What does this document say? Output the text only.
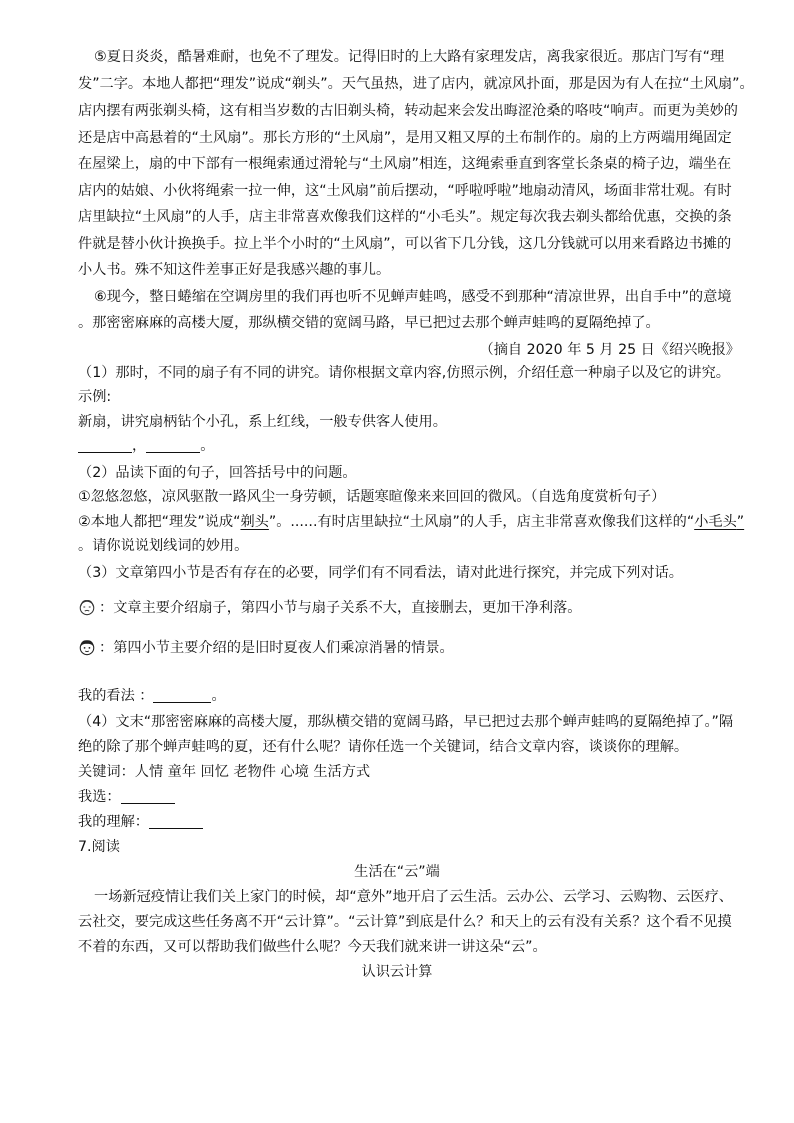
⑤夏日炎炎，酷暑难耐，也免不了理发。记得旧时的上大路有家理发店，离我家很近。那店门写有“理
发”二字。本地人都把“理发”说成“剃头”。天气虽热，进了店内，就凉风扑面，那是因为有人在拉“土风扇”。
店内摆有两张剃头椅，这有相当岁数的古旧剃头椅，转动起来会发出晦涩沧桑的咯吱“响声。而更为美妙的
还是店中高悬着的“土风扇”。那长方形的“土风扇”，是用又粗又厚的土布制作的。扇的上方两端用绳固定
在屋梁上，扇的中下部有一根绳索通过滑轮与“土风扇”相连，这绳索垂直到客堂长条桌的椅子边，端坐在
店内的姑娘、小伙将绳索一拉一伸，这“土风扇”前后摆动，“呼啦呼啦”地扇动清风，场面非常壮观。有时
店里缺拉“土风扇”的人手，店主非常喜欢像我们这样的“小毛头”。规定每次我去剃头都给优惠，交换的条
件就是替小伙计换换手。拉上半个小时的“土风扇”，可以省下几分钱，这几分钱就可以用来看路边书摊的
小人书。殊不知这件差事正好是我感兴趣的事儿。
⑥现今，整日蜷缩在空调房里的我们再也听不见蝉声蛙鸣，感受不到那种“清凉世界，出自手中”的意境
。那密密麻麻的高楼大厦，那纵横交错的宽阔马路，早已把过去那个蝉声蛙鸣的夏隔绝掉了。
（摘自 2020 年 5 月 25 日《绍兴晚报》
（1）那时，不同的扇子有不同的讲究。请你根据文章内容,仿照示例，介绍任意一种扇子以及它的讲究。
示例:
新扇，讲究扇柄钻个小孔，系上红线，一般专供客人使用。
，	。
（2）品读下面的句子，回答括号中的问题。
①忽悠忽悠，凉风驱散一路风尘一身劳顿，话题寒暄像来来回回的微风。（自选角度赏析句子）
②本地人都把“理发”说成“剃头”。......有时店里缺拉“土风扇”的人手，店主非常喜欢像我们这样的“小毛头”
。请你说说划线词的妙用。
（3）文章第四小节是否有存在的必要，同学们有不同看法，请对此进行探究，并完成下列对话。
：文章主要介绍扇子，第四小节与扇子关系不大，直接删去，更加干净利落。
：第四小节主要介绍的是旧时夏夜人们乘凉消暑的情景。
我的看法 ：	。
（4）文末“那密密麻麻的高楼大厦，那纵横交错的宽阔马路，早已把过去那个蝉声蛙鸣的夏隔绝掉了。”隔
绝的除了那个蝉声蛙鸣的夏，还有什么呢？请你任选一个关键词，结合文章内容，谈谈你的理解。
关键词：人情 童年 回忆 老物件 心境 生活方式
我选：
我的理解：
7.阅读
生活在“云”端
一场新冠疫情让我们关上家门的时候，却“意外”地开启了云生活。云办公、云学习、云购物、云医疗、
云社交，要完成这些任务离不开“云计算”。“云计算”到底是什么？和天上的云有没有关系？这个看不见摸
不着的东西，又可以帮助我们做些什么呢？今天我们就来讲一讲这朵“云”。
认识云计算
